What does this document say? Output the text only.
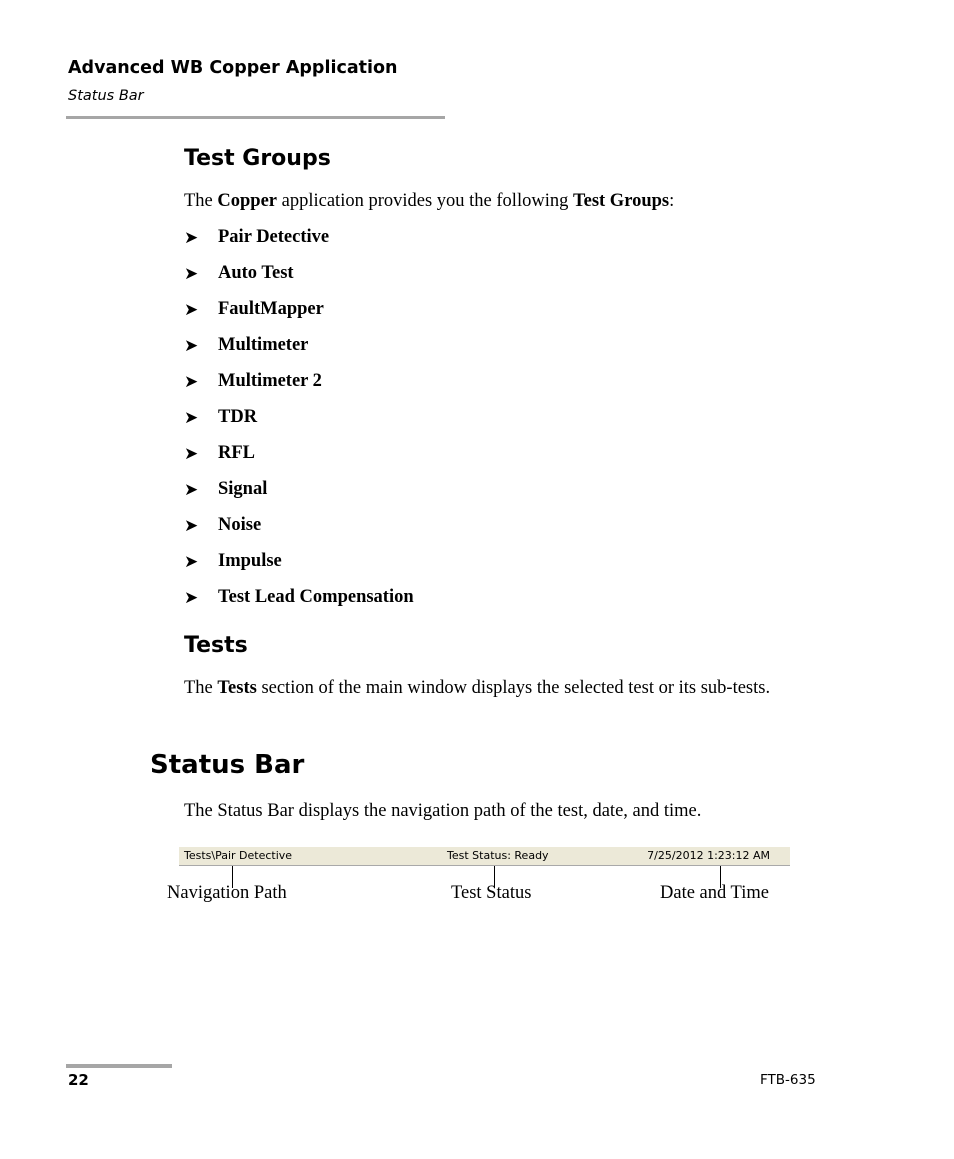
Advanced WB Copper Application
Status Bar
Test Groups
The Copper application provides you the following Test Groups:
➤	Pair Detective
➤	Auto Test
➤	FaultMapper
➤	Multimeter
➤	Multimeter 2
➤	TDR
➤	RFL
➤	Signal
➤	Noise
➤	Impulse
➤	Test Lead Compensation
Tests
The Tests section of the main window displays the selected test or its sub-tests.
Status Bar
The Status Bar displays the navigation path of the test, date, and time.
Tests\Pair Detective	Test Status: Ready	7/25/2012 1:23:12 AM
Navigation Path	Test Status	Date and Time
22	FTB-635
